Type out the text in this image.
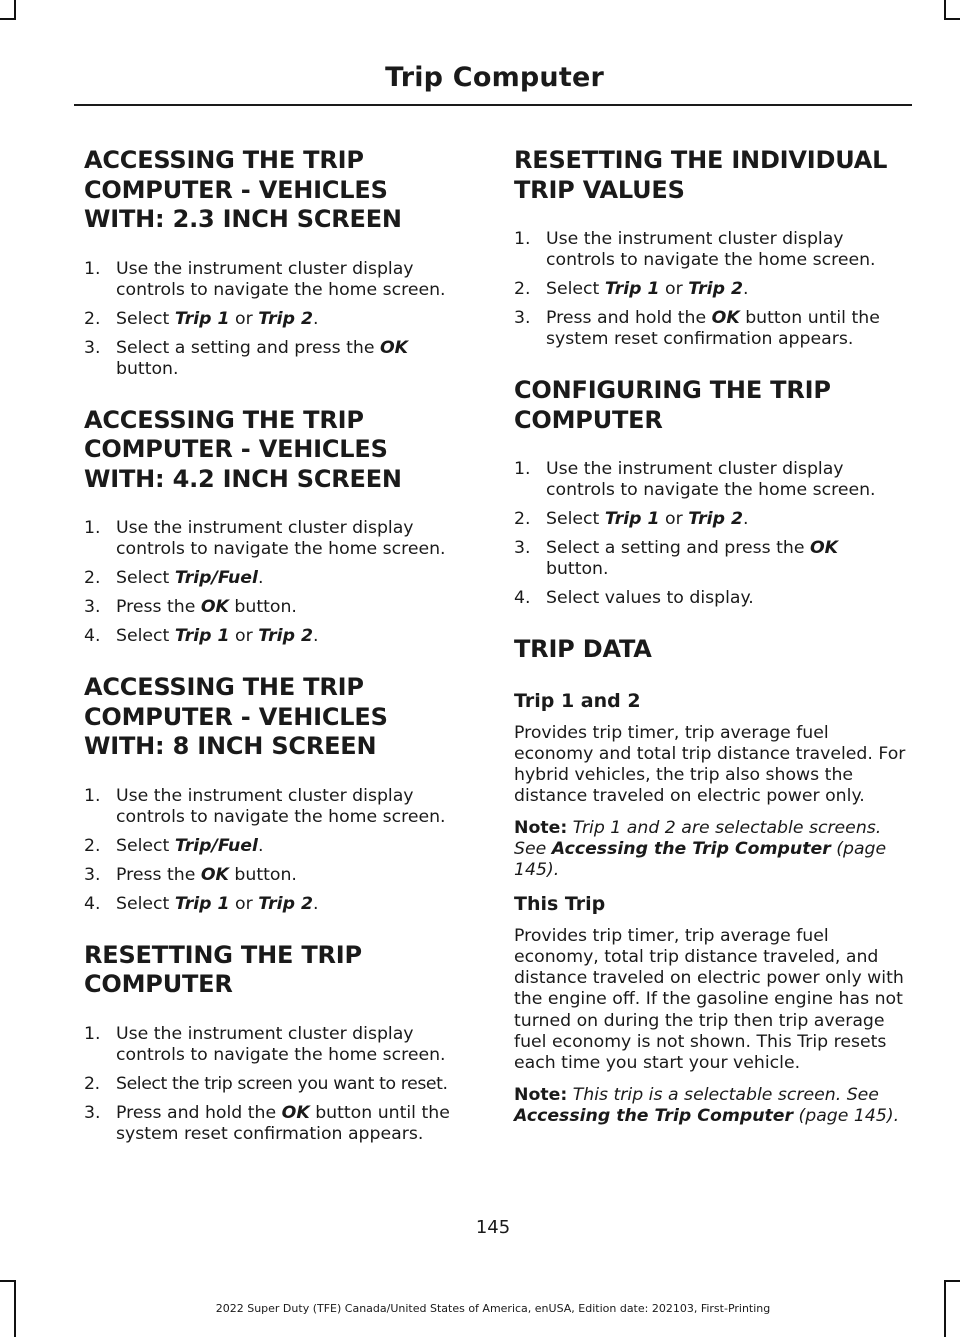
Trip Computer
ACCESSING THE TRIP COMPUTER - VEHICLES WITH: 2.3 INCH SCREEN
1. Use the instrument cluster display controls to navigate the home screen.
2. Select Trip 1 or Trip 2.
3. Select a setting and press the OK button.
ACCESSING THE TRIP COMPUTER - VEHICLES WITH: 4.2 INCH SCREEN
1. Use the instrument cluster display controls to navigate the home screen.
2. Select Trip/Fuel.
3. Press the OK button.
4. Select Trip 1 or Trip 2.
ACCESSING THE TRIP COMPUTER - VEHICLES WITH: 8 INCH SCREEN
1. Use the instrument cluster display controls to navigate the home screen.
2. Select Trip/Fuel.
3. Press the OK button.
4. Select Trip 1 or Trip 2.
RESETTING THE TRIP COMPUTER
1. Use the instrument cluster display controls to navigate the home screen.
2. Select the trip screen you want to reset.
3. Press and hold the OK button until the system reset confirmation appears.
RESETTING THE INDIVIDUAL TRIP VALUES
1. Use the instrument cluster display controls to navigate the home screen.
2. Select Trip 1 or Trip 2.
3. Press and hold the OK button until the system reset confirmation appears.
CONFIGURING THE TRIP COMPUTER
1. Use the instrument cluster display controls to navigate the home screen.
2. Select Trip 1 or Trip 2.
3. Select a setting and press the OK button.
4. Select values to display.
TRIP DATA
Trip 1 and 2

Provides trip timer, trip average fuel economy and total trip distance traveled. For hybrid vehicles, the trip also shows the distance traveled on electric power only.

Note: Trip 1 and 2 are selectable screens. See Accessing the Trip Computer (page 145).

This Trip

Provides trip timer, trip average fuel economy, total trip distance traveled, and distance traveled on electric power only with the engine off. If the gasoline engine has not turned on during the trip then trip average fuel economy is not shown. This Trip resets each time you start your vehicle.

Note: This trip is a selectable screen. See Accessing the Trip Computer (page 145).

145
2022 Super Duty (TFE) Canada/United States of America, enUSA, Edition date: 202103, First-Printing
